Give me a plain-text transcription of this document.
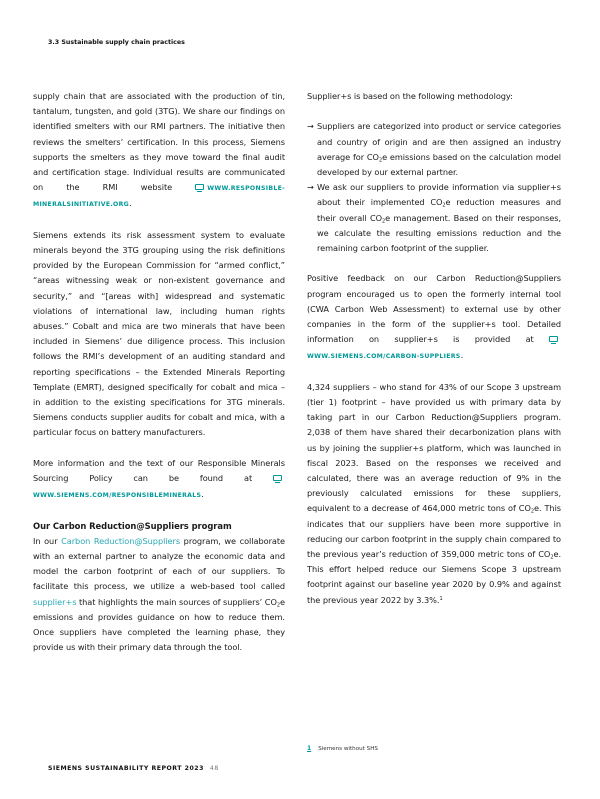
3.3 Sustainable supply chain practices

supply chain that are associated with the production of tin, tantalum, tungsten, and gold (3TG). We share our findings on identified smelters with our RMI partners. The initiative then reviews the smelters’ certification. In this process, Siemens supports the smelters as they move toward the final audit and certification stage. Individual results are communicated on the RMI website WWW.RESPONSIBLE-MINERALSINITIATIVE.ORG.

Siemens extends its risk assessment system to evaluate minerals beyond the 3TG grouping using the risk definitions provided by the European Commission for “armed conflict,” “areas witnessing weak or non-existent governance and security,” and “[areas with] widespread and systematic violations of international law, including human rights abuses.” Cobalt and mica are two minerals that have been included in Siemens’ due diligence process. This inclusion follows the RMI’s development of an auditing standard and reporting specifications – the Extended Minerals Reporting Template (EMRT), designed specifically for cobalt and mica – in addition to the existing specifications for 3TG minerals. Siemens conducts supplier audits for cobalt and mica, with a particular focus on battery manufacturers.

More information and the text of our Responsible Minerals Sourcing Policy can be found at WWW.SIEMENS.COM/RESPONSIBLEMINERALS.

Our Carbon Reduction@Suppliers program

In our Carbon Reduction@Suppliers program, we collaborate with an external partner to analyze the economic data and model the carbon footprint of each of our suppliers. To facilitate this process, we utilize a web-based tool called supplier+s that highlights the main sources of suppliers’ $CO_2e$ emissions and provides guidance on how to reduce them. Once suppliers have completed the learning phase, they provide us with their primary data through the tool.

Supplier+s is based on the following methodology:

→ Suppliers are categorized into product or service categories and country of origin and are then assigned an industry average for $CO_2e$ emissions based on the calculation model developed by our external partner.
→ We ask our suppliers to provide information via supplier+s about their implemented $CO_2e$ reduction measures and their overall $CO_2e$ management. Based on their responses, we calculate the resulting emissions reduction and the remaining carbon footprint of the supplier.

Positive feedback on our Carbon Reduction@Suppliers program encouraged us to open the formerly internal tool (CWA Carbon Web Assessment) to external use by other companies in the form of the supplier+s tool. Detailed information on supplier+s is provided at WWW.SIEMENS.COM/CARBON-SUPPLIERS.

4,324 suppliers – who stand for 43% of our Scope 3 upstream (tier 1) footprint – have provided us with primary data by taking part in our Carbon Reduction@Suppliers program. 2,038 of them have shared their decarbonization plans with us by joining the supplier+s platform, which was launched in fiscal 2023. Based on the responses we received and calculated, there was an average reduction of 9% in the previously calculated emissions for these suppliers, equivalent to a decrease of 464,000 metric tons of $CO_2e$. This indicates that our suppliers have been more supportive in reducing our carbon footprint in the supply chain compared to the previous year’s reduction of 359,000 metric tons of $CO_2e$. This effort helped reduce our Siemens Scope 3 upstream footprint against our baseline year 2020 by 0.9% and against the previous year 2022 by 3.3%.$^1$

1 Siemens without SHS
SIEMENS SUSTAINABILITY REPORT 2023 48
